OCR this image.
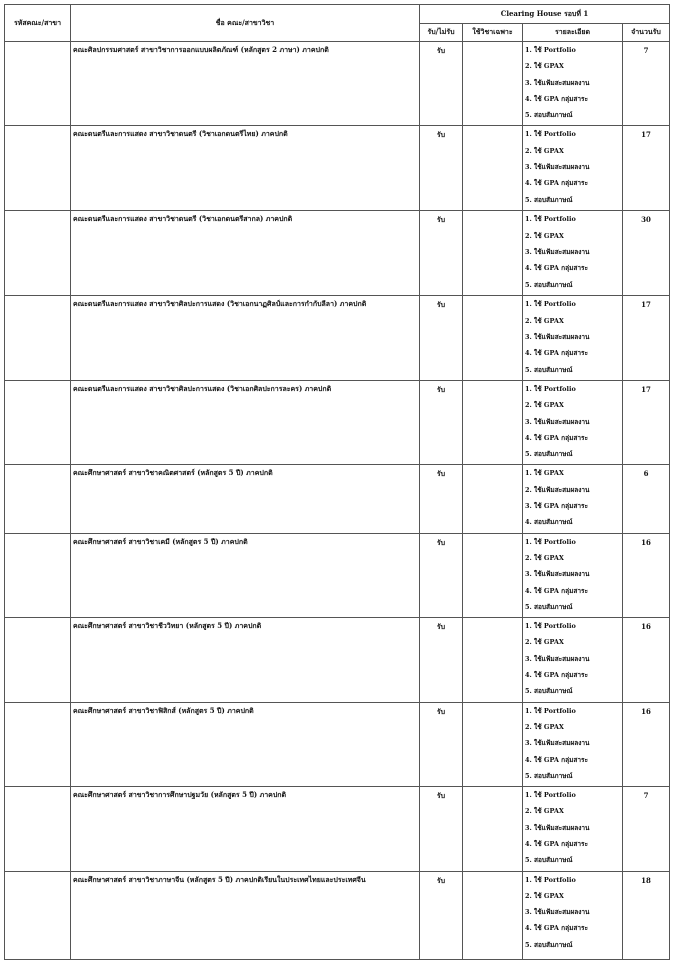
รหัสคณะ/สาขา	ชื่อ คณะ/สาขาวิชา	Clearing House รอบที่ 1			
		รับ/ไม่รับ	ใช้วิชาเฉพาะ	รายละเอียด	จำนวนรับ
	คณะศิลปกรรมศาสตร์ สาขาวิชาการออกแบบผลิตภัณฑ์ (หลักสูตร 2 ภาษา) ภาคปกติ	รับ		1. ใช้ Portfolio
2. ใช้ GPAX
3. ใช้แฟ้มสะสมผลงาน
4. ใช้ GPA กลุ่มสาระ
5. สอบสัมภาษณ์	7
	คณะดนตรีและการแสดง สาขาวิชาดนตรี (วิชาเอกดนตรีไทย) ภาคปกติ	รับ		1. ใช้ Portfolio
2. ใช้ GPAX
3. ใช้แฟ้มสะสมผลงาน
4. ใช้ GPA กลุ่มสาระ
5. สอบสัมภาษณ์	17
	คณะดนตรีและการแสดง สาขาวิชาดนตรี (วิชาเอกดนตรีสากล) ภาคปกติ	รับ		1. ใช้ Portfolio
2. ใช้ GPAX
3. ใช้แฟ้มสะสมผลงาน
4. ใช้ GPA กลุ่มสาระ
5. สอบสัมภาษณ์	30
	คณะดนตรีและการแสดง สาขาวิชาศิลปะการแสดง (วิชาเอกนาฏศิลป์และการกำกับลีลา) ภาคปกติ	รับ		1. ใช้ Portfolio
2. ใช้ GPAX
3. ใช้แฟ้มสะสมผลงาน
4. ใช้ GPA กลุ่มสาระ
5. สอบสัมภาษณ์	17
	คณะดนตรีและการแสดง สาขาวิชาศิลปะการแสดง (วิชาเอกศิลปะการละคร) ภาคปกติ	รับ		1. ใช้ Portfolio
2. ใช้ GPAX
3. ใช้แฟ้มสะสมผลงาน
4. ใช้ GPA กลุ่มสาระ
5. สอบสัมภาษณ์	17
	คณะศึกษาศาสตร์ สาขาวิชาคณิตศาสตร์ (หลักสูตร 5 ปี) ภาคปกติ	รับ		1. ใช้ GPAX
2. ใช้แฟ้มสะสมผลงาน
3. ใช้ GPA กลุ่มสาระ
4. สอบสัมภาษณ์	6
	คณะศึกษาศาสตร์ สาขาวิชาเคมี (หลักสูตร 5 ปี) ภาคปกติ	รับ		1. ใช้ Portfolio
2. ใช้ GPAX
3. ใช้แฟ้มสะสมผลงาน
4. ใช้ GPA กลุ่มสาระ
5. สอบสัมภาษณ์	16
	คณะศึกษาศาสตร์ สาขาวิชาชีววิทยา (หลักสูตร 5 ปี) ภาคปกติ	รับ		1. ใช้ Portfolio
2. ใช้ GPAX
3. ใช้แฟ้มสะสมผลงาน
4. ใช้ GPA กลุ่มสาระ
5. สอบสัมภาษณ์	16
	คณะศึกษาศาสตร์ สาขาวิชาฟิสิกส์ (หลักสูตร 5 ปี) ภาคปกติ	รับ		1. ใช้ Portfolio
2. ใช้ GPAX
3. ใช้แฟ้มสะสมผลงาน
4. ใช้ GPA กลุ่มสาระ
5. สอบสัมภาษณ์	16
	คณะศึกษาศาสตร์ สาขาวิชาการศึกษาปฐมวัย (หลักสูตร 5 ปี) ภาคปกติ	รับ		1. ใช้ Portfolio
2. ใช้ GPAX
3. ใช้แฟ้มสะสมผลงาน
4. ใช้ GPA กลุ่มสาระ
5. สอบสัมภาษณ์	7
	คณะศึกษาศาสตร์ สาขาวิชาภาษาจีน (หลักสูตร 5 ปี) ภาคปกติเรียนในประเทศไทยและประเทศจีน	รับ		1. ใช้ Portfolio
2. ใช้ GPAX
3. ใช้แฟ้มสะสมผลงาน
4. ใช้ GPA กลุ่มสาระ
5. สอบสัมภาษณ์	18
